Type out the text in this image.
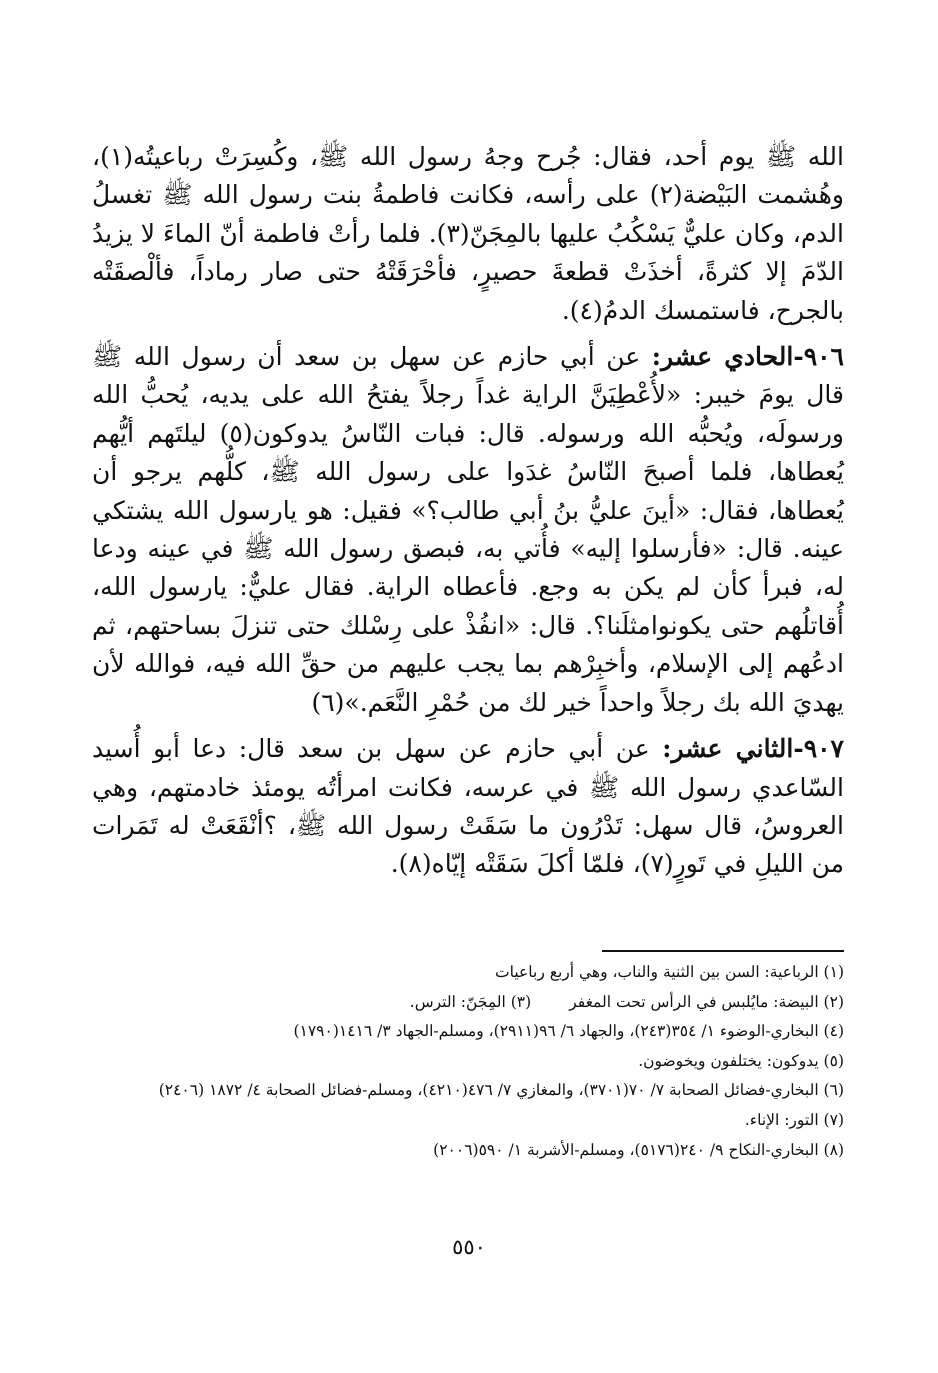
الله ﷺ يوم أحد، فقال: جُرح وجهُ رسول الله ﷺ، وكُسِرَتْ رباعيتُه(١)، وهُشمت البَيْضة(٢) على رأسه، فكانت فاطمةُ بنت رسول الله ﷺ تغسلُ الدم، وكان عليٌّ يَسْكُبُ عليها بالمِجَنّ(٣). فلما رأتْ فاطمة أنّ الماءَ لا يزيدُ الدّمَ إلا كثرةً، أخذَتْ قطعةَ حصيرٍ، فأحْرَقَتْهُ حتى صار رماداً، فألْصقَتْه بالجرح، فاستمسك الدمُ(٤).

٩٠٦-الحادي عشر: عن أبي حازم عن سهل بن سعد أن رسول الله ﷺ قال يومَ خيبر: «لأُعْطِيَنَّ الراية غداً رجلاً يفتحُ الله على يديه، يُحبُّ الله ورسولَه، ويُحبُّه الله ورسوله. قال: فبات النّاسُ يدوكون(٥) ليلتَهم أيُّهم يُعطاها، فلما أصبحَ النّاسُ غدَوا على رسول الله ﷺ، كلُّهم يرجو أن يُعطاها، فقال: «أينَ عليُّ بنُ أبي طالب؟» فقيل: هو يارسول الله يشتكي عينه. قال: «فأرسلوا إليه» فأُتي به، فبصق رسول الله ﷺ في عينه ودعا له، فبرأ كأن لم يكن به وجع. فأعطاه الراية. فقال عليٌّ: يارسول الله، أُقاتلُهم حتى يكونوامثلَنا؟. قال: «انفُذْ على رِسْلك حتى تنزلَ بساحتهم، ثم ادعُهم إلى الإسلام، وأخبِرْهم بما يجب عليهم من حقِّ الله فيه، فوالله لأن يهديَ الله بك رجلاً واحداً خير لك من حُمْرِ النَّعَم.»(٦)

٩٠٧-الثاني عشر: عن أبي حازم عن سهل بن سعد قال: دعا أبو أُسيد السّاعدي رسول الله ﷺ في عرسه، فكانت امرأتُه يومئذ خادمتهم، وهي العروسُ، قال سهل: تَدْرُون ما سَقَتْ رسول الله ﷺ، ؟أنْقَعَتْ له تَمَرات من الليلِ في تَورٍ(٧)، فلمّا أكلَ سَقَتْه إيّاه(٨).

(١) الرباعية: السن بين الثنية والناب، وهي أربع رباعيات
(٢) البيضة: مايُلبس في الرأس تحت المغفر(٣) المِجَنّ: الترس.
(٤) البخاري-الوضوء ١/ ٣٥٤(٢٤٣)، والجهاد ٦/ ٩٦(٢٩١١)، ومسلم-الجهاد ٣/ ١٤١٦(١٧٩٠)
(٥) يدوكون: يختلفون ويخوضون.
(٦) البخاري-فضائل الصحابة ٧/ ٧٠(٣٧٠١)، والمغازي ٧/ ٤٧٦(٤٢١٠)، ومسلم-فضائل الصحابة ٤/ ١٨٧٢ (٢٤٠٦)
(٧) التور: الإناء.
(٨) البخاري-النكاح ٩/ ٢٤٠(٥١٧٦)، ومسلم-الأشربة ١/ ٥٩٠(٢٠٠٦)
٥٥٠
